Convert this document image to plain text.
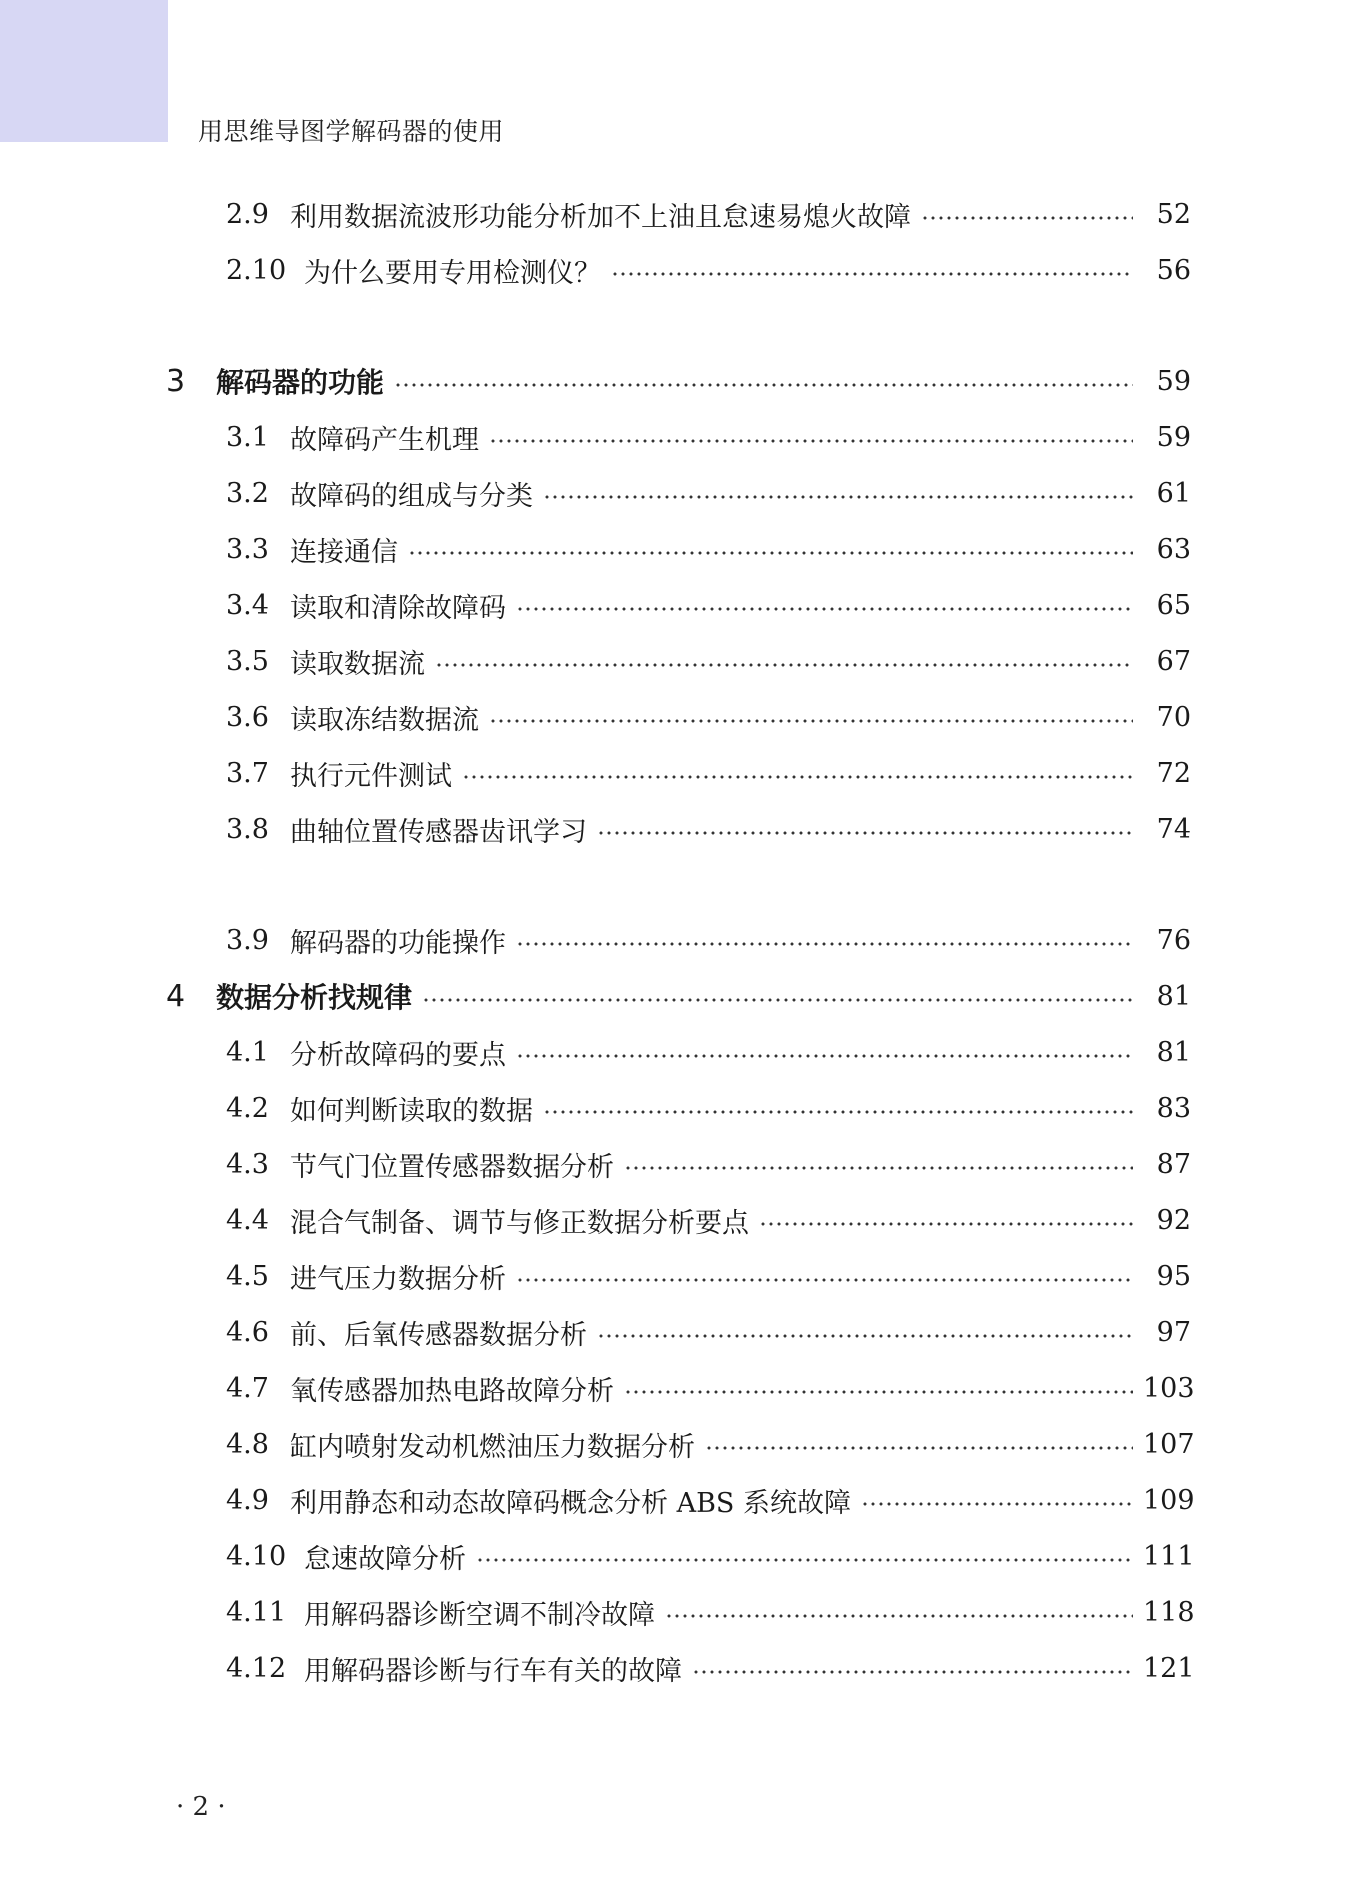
用思维导图学解码器的使用
2.9 利用数据流波形功能分析加不上油且怠速易熄火故障	52
2.10 为什么要用专用检测仪？	56
3	解码器的功能	59
3.1 故障码产生机理	59
3.2 故障码的组成与分类	61
3.3 连接通信	63
3.4 读取和清除故障码	65
3.5 读取数据流	67
3.6 读取冻结数据流	70
3.7 执行元件测试	72
3.8 曲轴位置传感器齿讯学习	74
3.9 解码器的功能操作	76
4	数据分析找规律	81
4.1 分析故障码的要点	81
4.2 如何判断读取的数据	83
4.3 节气门位置传感器数据分析	87
4.4 混合气制备、调节与修正数据分析要点	92
4.5 进气压力数据分析	95
4.6 前、后氧传感器数据分析	97
4.7 氧传感器加热电路故障分析	103
4.8 缸内喷射发动机燃油压力数据分析	107
4.9 利用静态和动态故障码概念分析 ABS 系统故障	109
4.10 怠速故障分析	111
4.11 用解码器诊断空调不制冷故障	118
4.12 用解码器诊断与行车有关的故障	121
· 2 ·
